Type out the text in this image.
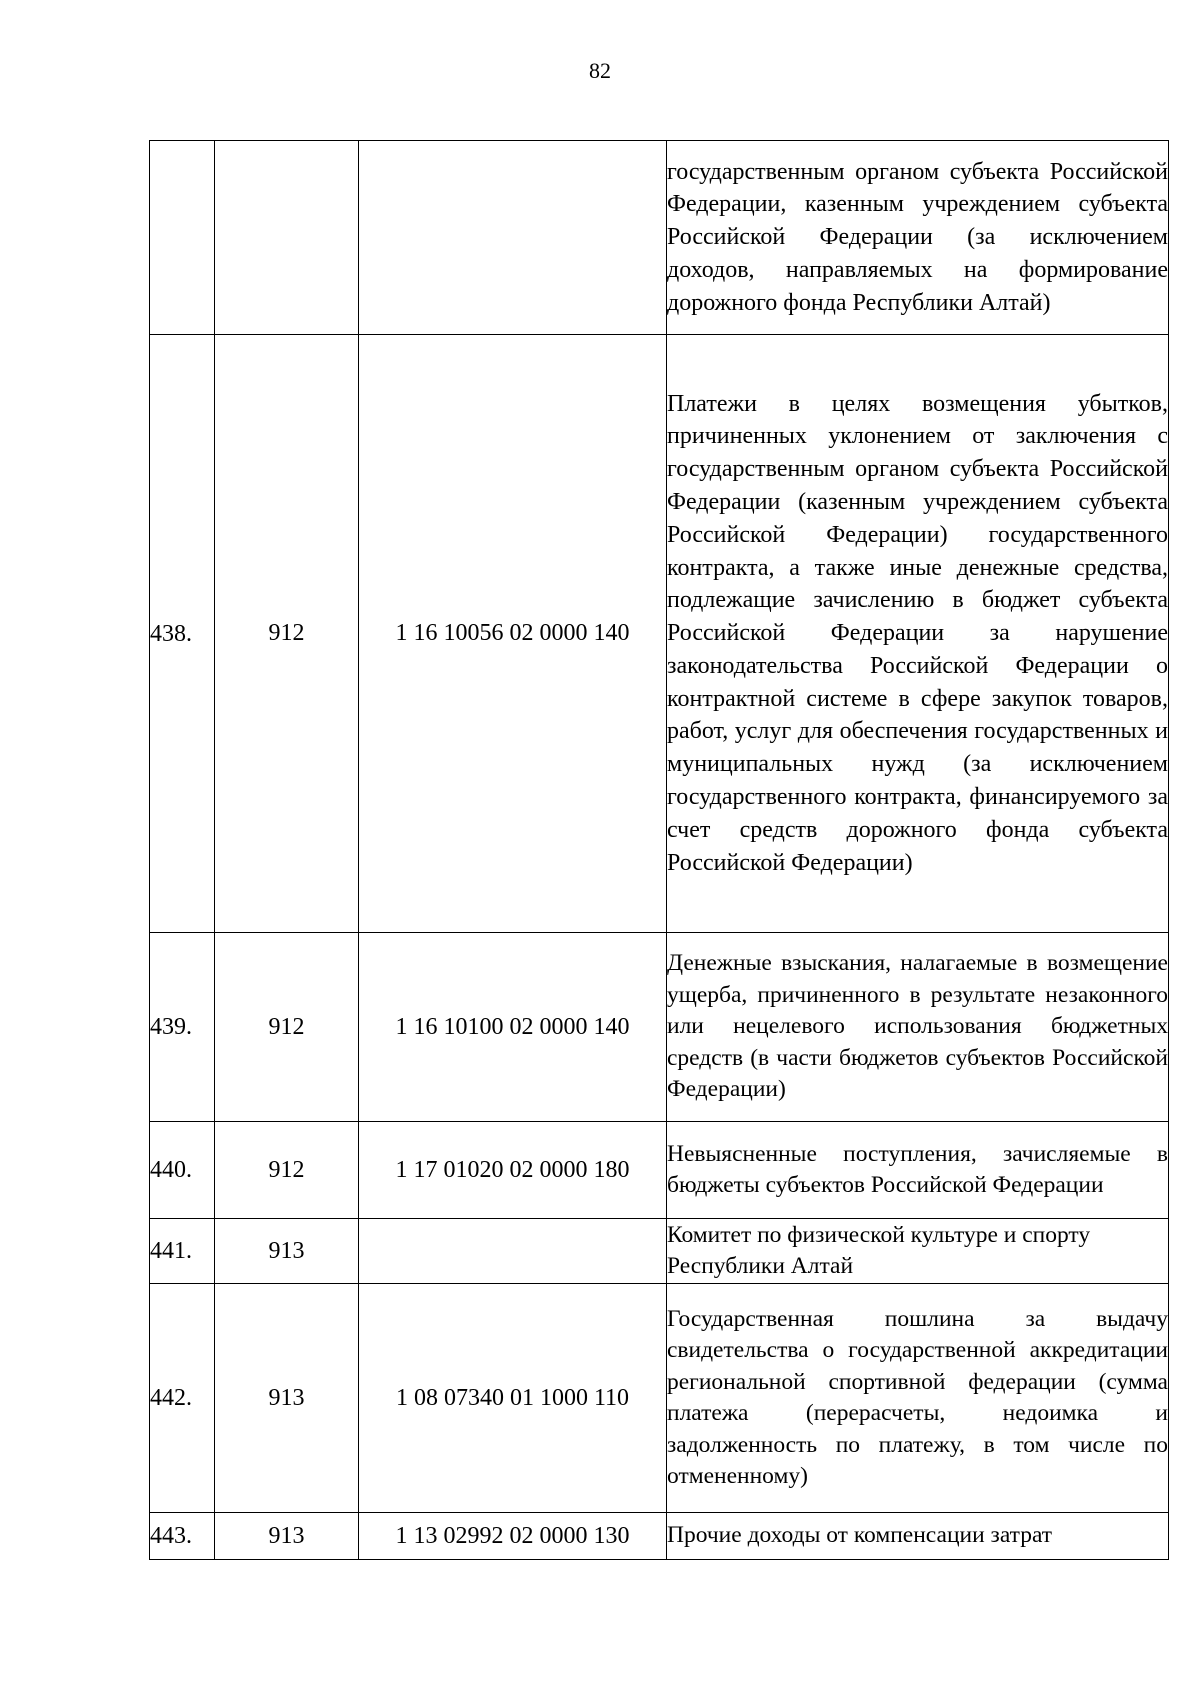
82
			государственным органом субъекта Российской Федерации, казенным учреждением субъекта Российской Федерации (за исключением доходов, направляемых на формирование дорожного фонда Республики Алтай)
438.	912	1 16 10056 02 0000 140	Платежи в целях возмещения убытков, причиненных уклонением от заключения с государственным органом субъекта Российской Федерации (казенным учреждением субъекта Российской Федерации) государственного контракта, а также иные денежные средства, подлежащие зачислению в бюджет субъекта Российской Федерации за нарушение законодательства Российской Федерации о контрактной системе в сфере закупок товаров, работ, услуг для обеспечения государственных и муниципальных нужд (за исключением государственного контракта, финансируемого за счет средств дорожного фонда субъекта Российской Федерации)
439.	912	1 16 10100 02 0000 140	Денежные взыскания, налагаемые в возмещение ущерба, причиненного в результате незаконного или нецелевого использования бюджетных средств (в части бюджетов субъектов Российской Федерации)
440.	912	1 17 01020 02 0000 180	Невыясненные поступления, зачисляемые в бюджеты субъектов Российской Федерации
441.	913		Комитет по физической культуре и спорту Республики Алтай
442.	913	1 08 07340 01 1000 110	Государственная пошлина за выдачу свидетельства о государственной аккредитации региональной спортивной федерации (сумма платежа (перерасчеты, недоимка и задолженность по платежу, в том числе по отмененному)
443.	913	1 13 02992 02 0000 130	Прочие доходы от компенсации затрат
